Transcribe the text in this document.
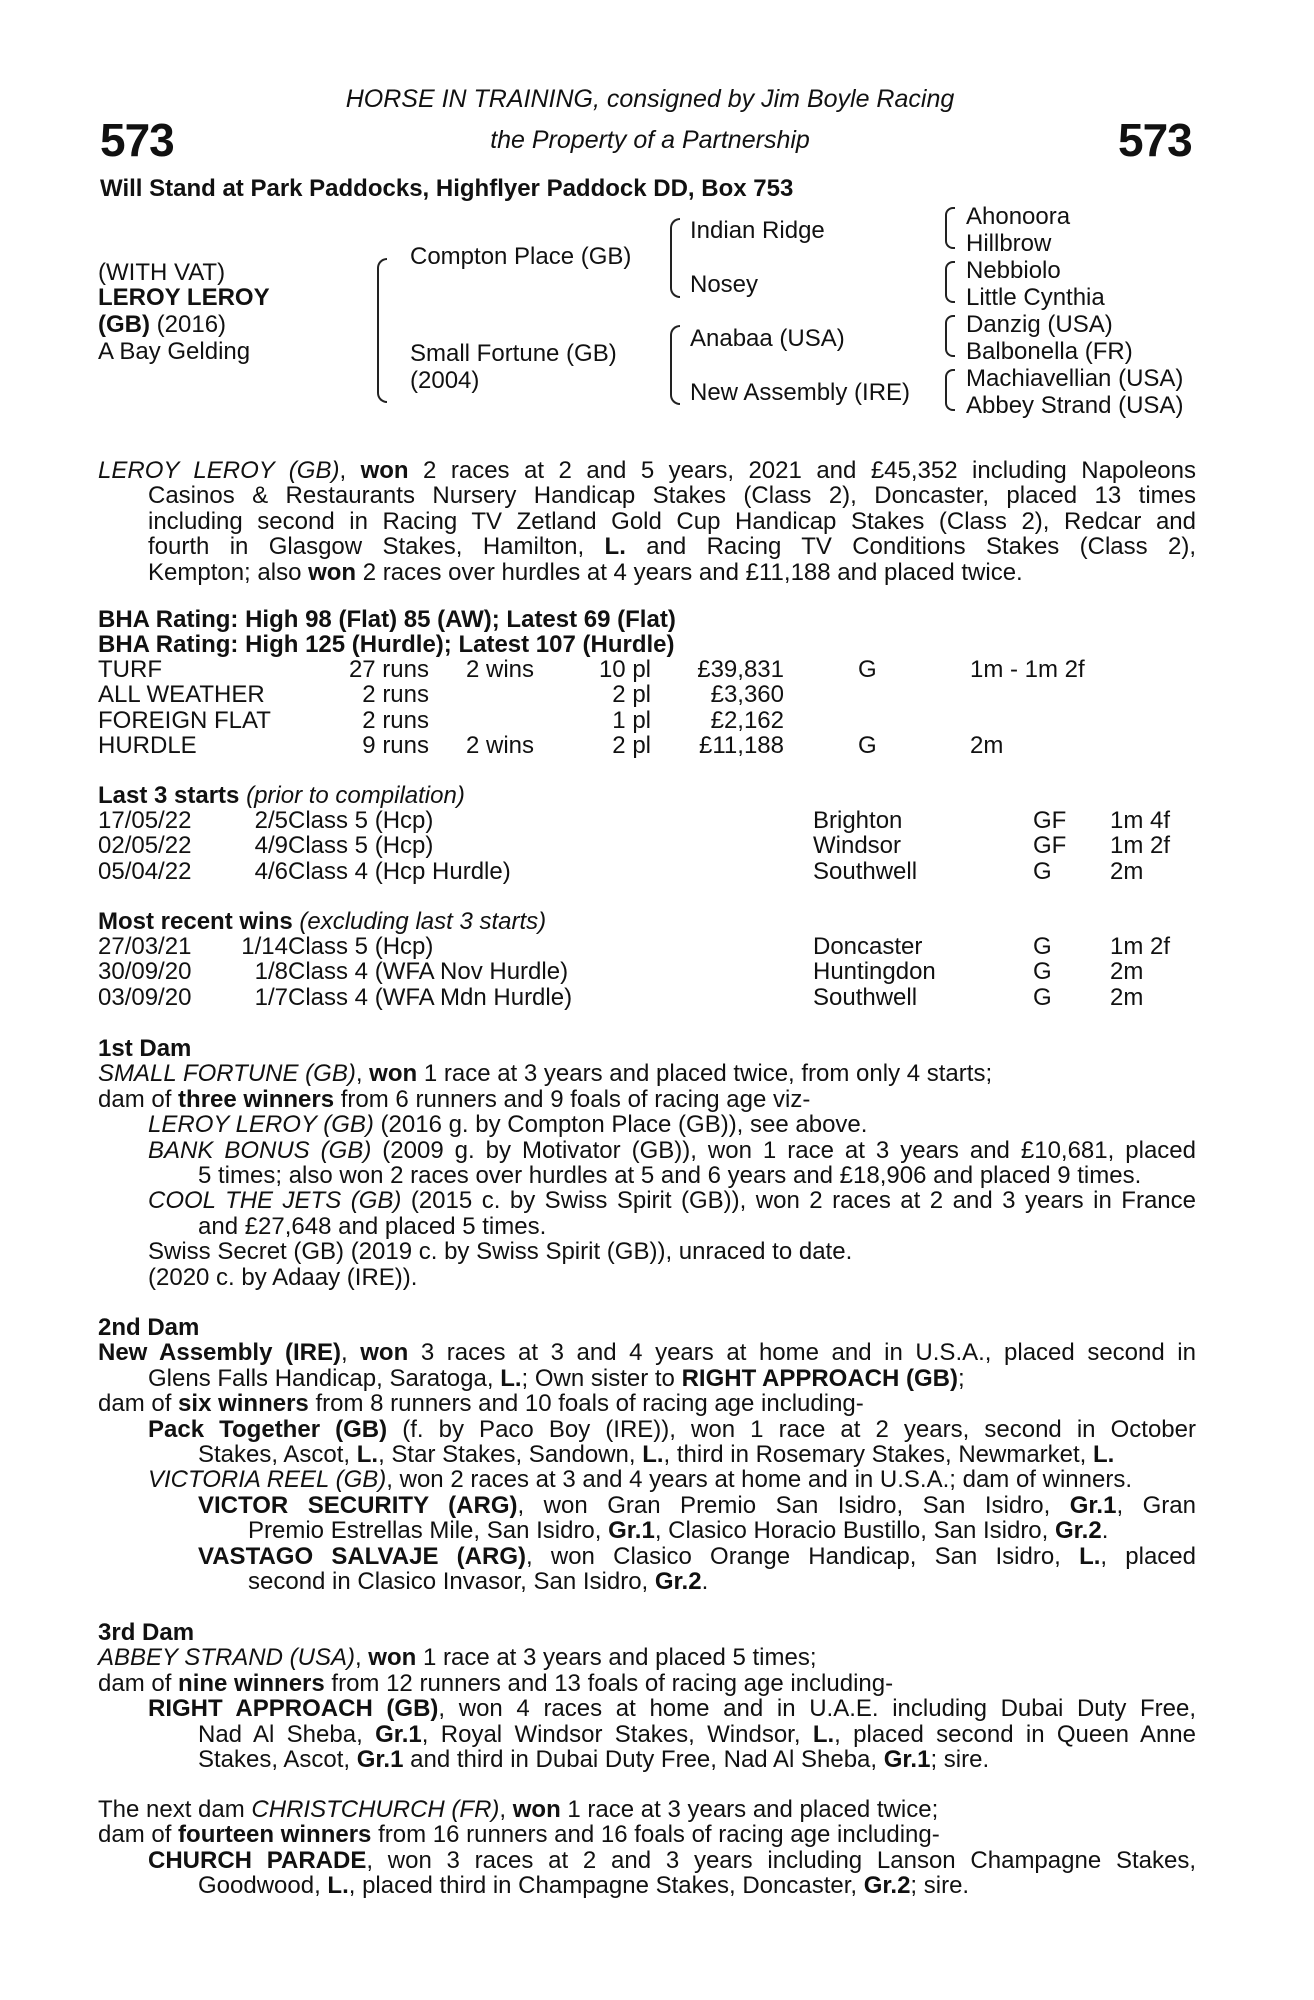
573	573
HORSE IN TRAINING, consigned by Jim Boyle Racing
the Property of a Partnership
Will Stand at Park Paddocks, Highflyer Paddock DD, Box 753
(WITH VAT)
LEROY LEROY
(GB) (2016)
A Bay Gelding
Compton Place (GB)
Small Fortune (GB)
(2004)
Indian Ridge
Nosey
Anabaa (USA)
New Assembly (IRE)
Ahonoora
Hillbrow
Nebbiolo
Little Cynthia
Danzig (USA)
Balbonella (FR)
Machiavellian (USA)
Abbey Strand (USA)

LEROY LEROY (GB), won 2 races at 2 and 5 years, 2021 and £45,352 including Napoleons

Casinos & Restaurants Nursery Handicap Stakes (Class 2), Doncaster, placed 13 times

including second in Racing TV Zetland Gold Cup Handicap Stakes (Class 2), Redcar and

fourth in Glasgow Stakes, Hamilton, L. and Racing TV Conditions Stakes (Class 2),

Kempton; also won 2 races over hurdles at 4 years and £11,188 and placed twice.

BHA Rating: High 98 (Flat) 85 (AW); Latest 69 (Flat)
BHA Rating: High 125 (Hurdle); Latest 107 (Hurdle)
TURF	27 runs 2 wins	10 pl £39,831	G	1m - 1m 2f
ALL WEATHER	2 runs	2 pl £3,360
FOREIGN FLAT	2 runs	1 pl £2,162
HURDLE	9 runs 2 wins	2 pl £11,188	G	2m
Last 3 starts (prior to compilation)
17/05/22	2/5 Class 5 (Hcp)	Brighton	GF 1m 4f
02/05/22	4/9 Class 5 (Hcp)	Windsor	GF 1m 2f
05/04/22	4/6 Class 4 (Hcp Hurdle)	Southwell	G 2m
Most recent wins (excluding last 3 starts)
27/03/21 1/14 Class 5 (Hcp)	Doncaster	G 1m 2f
30/09/20	1/8 Class 4 (WFA Nov Hurdle)	Huntingdon	G 2m
03/09/20	1/7 Class 4 (WFA Mdn Hurdle)	Southwell	G 2m

1st Dam

SMALL FORTUNE (GB), won 1 race at 3 years and placed twice, from only 4 starts;

dam of three winners from 6 runners and 9 foals of racing age viz-

LEROY LEROY (GB) (2016 g. by Compton Place (GB)), see above.

BANK BONUS (GB) (2009 g. by Motivator (GB)), won 1 race at 3 years and £10,681, placed

5 times; also won 2 races over hurdles at 5 and 6 years and £18,906 and placed 9 times.

COOL THE JETS (GB) (2015 c. by Swiss Spirit (GB)), won 2 races at 2 and 3 years in France

and £27,648 and placed 5 times.

Swiss Secret (GB) (2019 c. by Swiss Spirit (GB)), unraced to date.

(2020 c. by Adaay (IRE)).

2nd Dam

New Assembly (IRE), won 3 races at 3 and 4 years at home and in U.S.A., placed second in

Glens Falls Handicap, Saratoga, L.; Own sister to RIGHT APPROACH (GB);

dam of six winners from 8 runners and 10 foals of racing age including-

Pack Together (GB) (f. by Paco Boy (IRE)), won 1 race at 2 years, second in October

Stakes, Ascot, L., Star Stakes, Sandown, L., third in Rosemary Stakes, Newmarket, L.

VICTORIA REEL (GB), won 2 races at 3 and 4 years at home and in U.S.A.; dam of winners.

VICTOR SECURITY (ARG), won Gran Premio San Isidro, San Isidro, Gr.1, Gran

Premio Estrellas Mile, San Isidro, Gr.1, Clasico Horacio Bustillo, San Isidro, Gr.2.

VASTAGO SALVAJE (ARG), won Clasico Orange Handicap, San Isidro, L., placed

second in Clasico Invasor, San Isidro, Gr.2.

3rd Dam

ABBEY STRAND (USA), won 1 race at 3 years and placed 5 times;

dam of nine winners from 12 runners and 13 foals of racing age including-

RIGHT APPROACH (GB), won 4 races at home and in U.A.E. including Dubai Duty Free,

Nad Al Sheba, Gr.1, Royal Windsor Stakes, Windsor, L., placed second in Queen Anne

Stakes, Ascot, Gr.1 and third in Dubai Duty Free, Nad Al Sheba, Gr.1; sire.

The next dam CHRISTCHURCH (FR), won 1 race at 3 years and placed twice;

dam of fourteen winners from 16 runners and 16 foals of racing age including-

CHURCH PARADE, won 3 races at 2 and 3 years including Lanson Champagne Stakes,

Goodwood, L., placed third in Champagne Stakes, Doncaster, Gr.2; sire.
